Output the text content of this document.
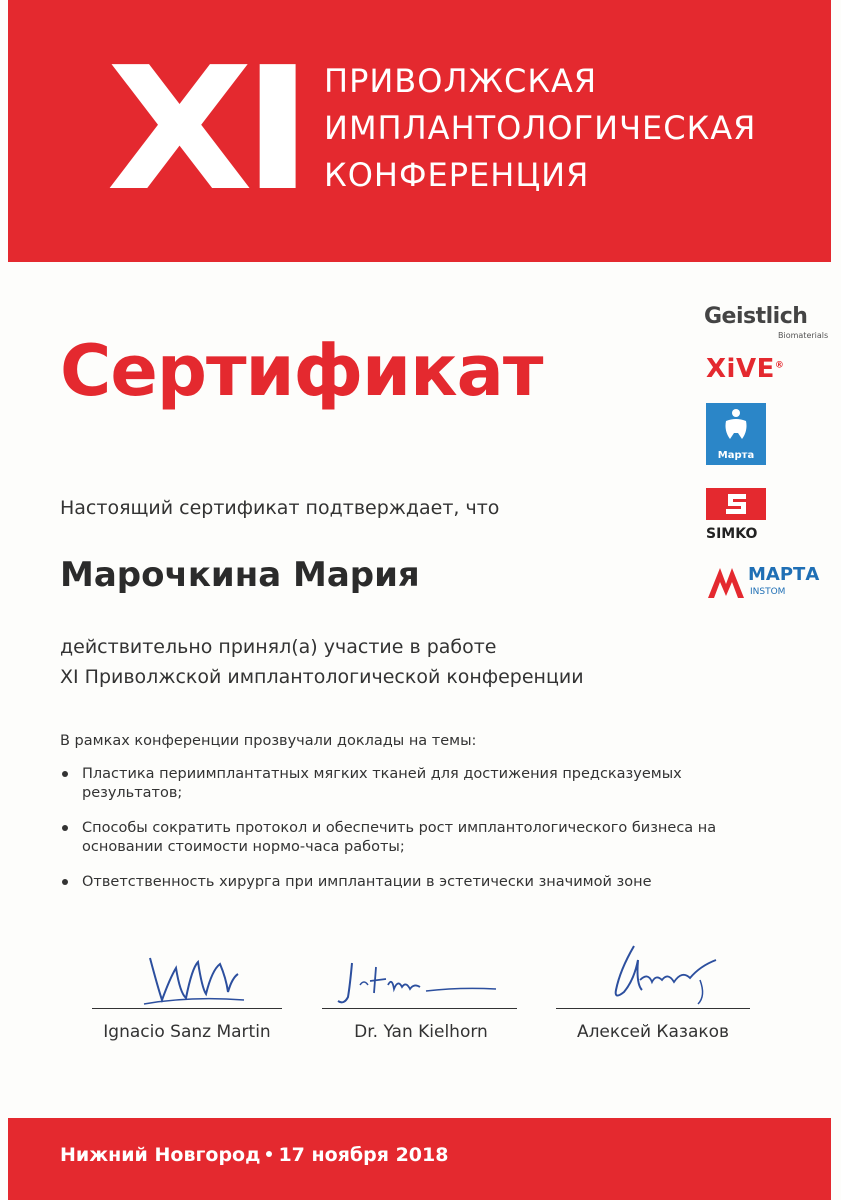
XI ПРИВОЛЖСКАЯ
ИМПЛАНТОЛОГИЧЕСКАЯ
КОНФЕРЕНЦИЯ
Сертификат
Настоящий сертификат подтверждает, что
Марочкина Мария
действительно принял(а) участие в работе
XI Приволжской имплантологической конференции
В рамках конференции прозвучали доклады на темы:
Пластика периимплантатных мягких тканей для достижения предсказуемых результатов;
Способы сократить протокол и обеспечить рост имплантологического бизнеса на основании стоимости нормо-часа работы;
Ответственность хирурга при имплантации в эстетически значимой зоне
Geistlich
Biomaterials
XiVE®
Марта
SIMKO
МАРТА
INSTOM
Ignacio Sanz Martin	Dr. Yan Kielhorn	Алексей Казаков
Нижний Новгород 17 ноября 2018
